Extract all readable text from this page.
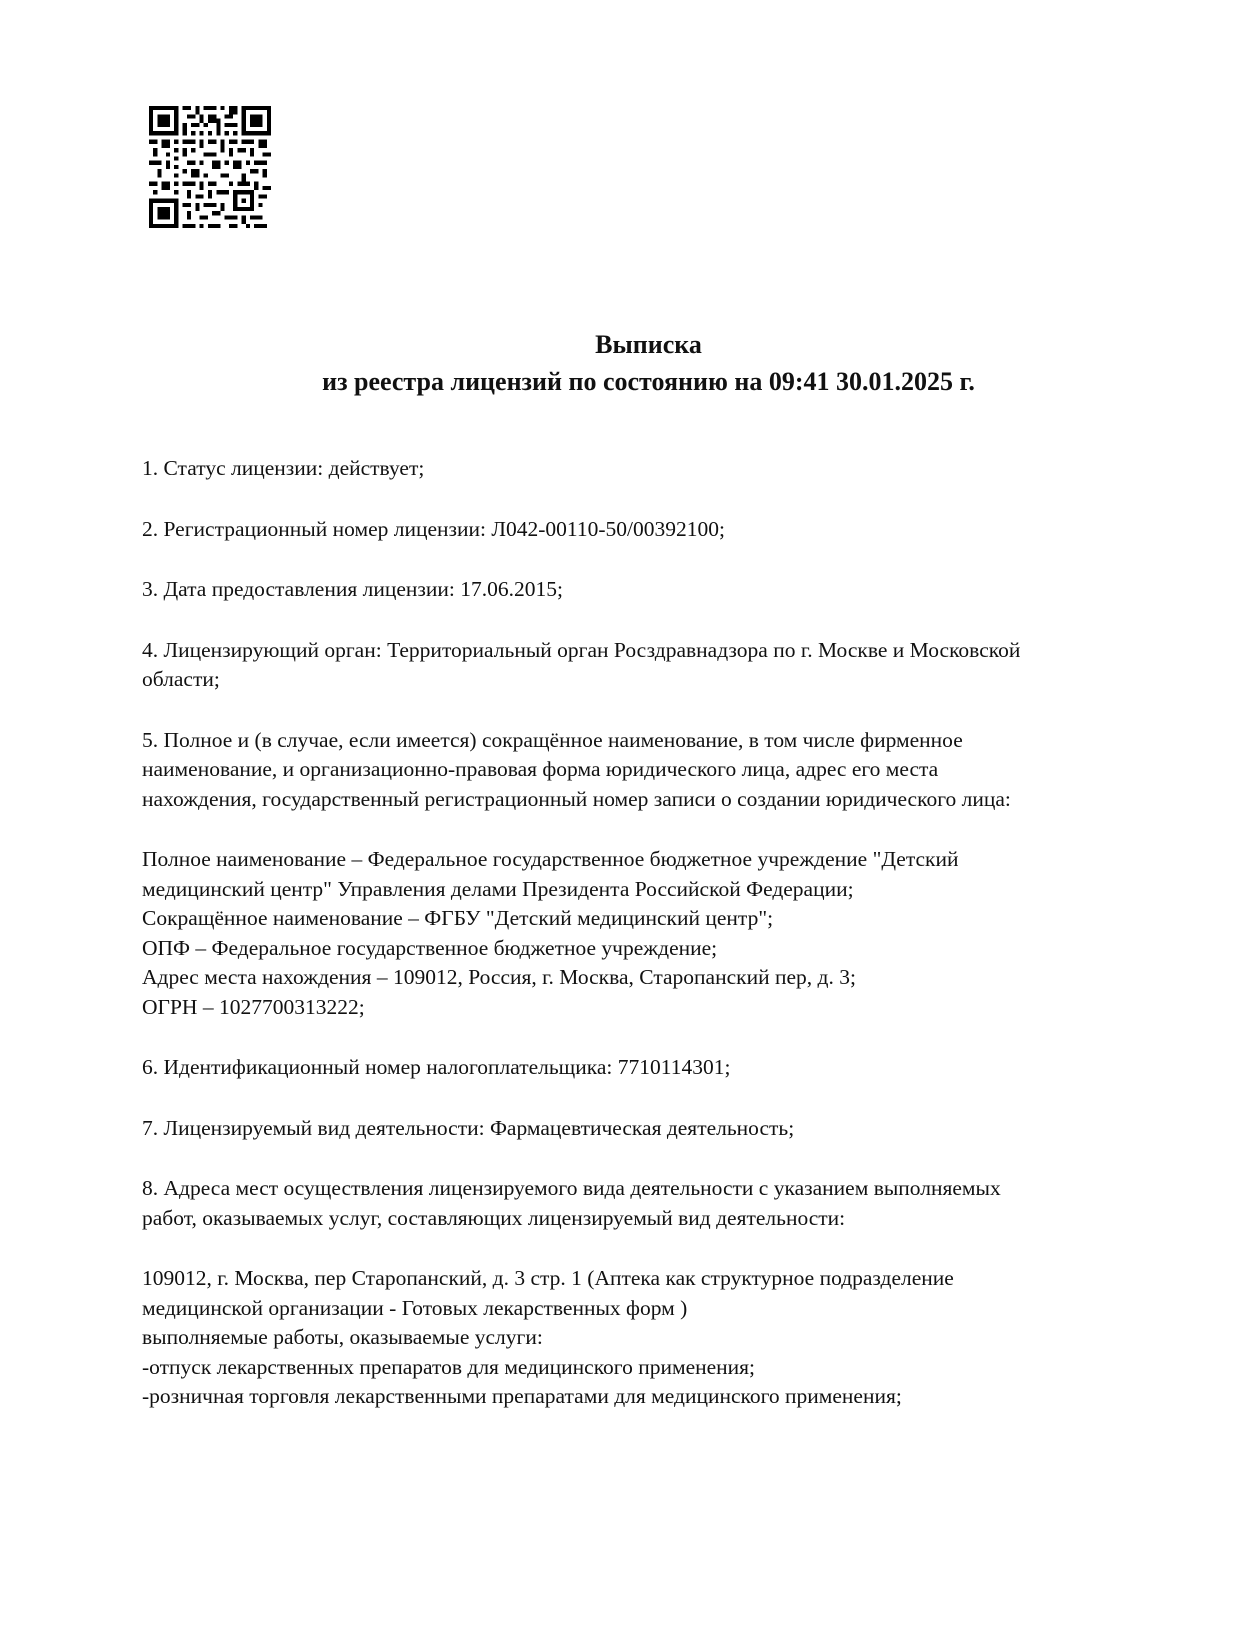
Выписка
из реестра лицензий по состоянию на 09:41 30.01.2025 г.
1. Статус лицензии: действует;
2. Регистрационный номер лицензии: Л042-00110-50/00392100;
3. Дата предоставления лицензии: 17.06.2015;
4. Лицензирующий орган: Территориальный орган Росздравнадзора по г. Москве и Московской
области;
5. Полное и (в случае, если имеется) сокращённое наименование, в том числе фирменное
наименование, и организационно-правовая форма юридического лица, адрес его места
нахождения, государственный регистрационный номер записи о создании юридического лица:
Полное наименование – Федеральное государственное бюджетное учреждение "Детский
медицинский центр" Управления делами Президента Российской Федерации;
Сокращённое наименование – ФГБУ "Детский медицинский центр";
ОПФ – Федеральное государственное бюджетное учреждение;
Адрес места нахождения – 109012, Россия, г. Москва, Старопанский пер, д. 3;
ОГРН – 1027700313222;
6. Идентификационный номер налогоплательщика: 7710114301;
7. Лицензируемый вид деятельности: Фармацевтическая деятельность;
8. Адреса мест осуществления лицензируемого вида деятельности с указанием выполняемых
работ, оказываемых услуг, составляющих лицензируемый вид деятельности:
109012, г. Москва, пер Старопанский, д. 3 стр. 1 (Аптека как структурное подразделение
медицинской организации - Готовых лекарственных форм )
выполняемые работы, оказываемые услуги:
-отпуск лекарственных препаратов для медицинского применения;
-розничная торговля лекарственными препаратами для медицинского применения;
